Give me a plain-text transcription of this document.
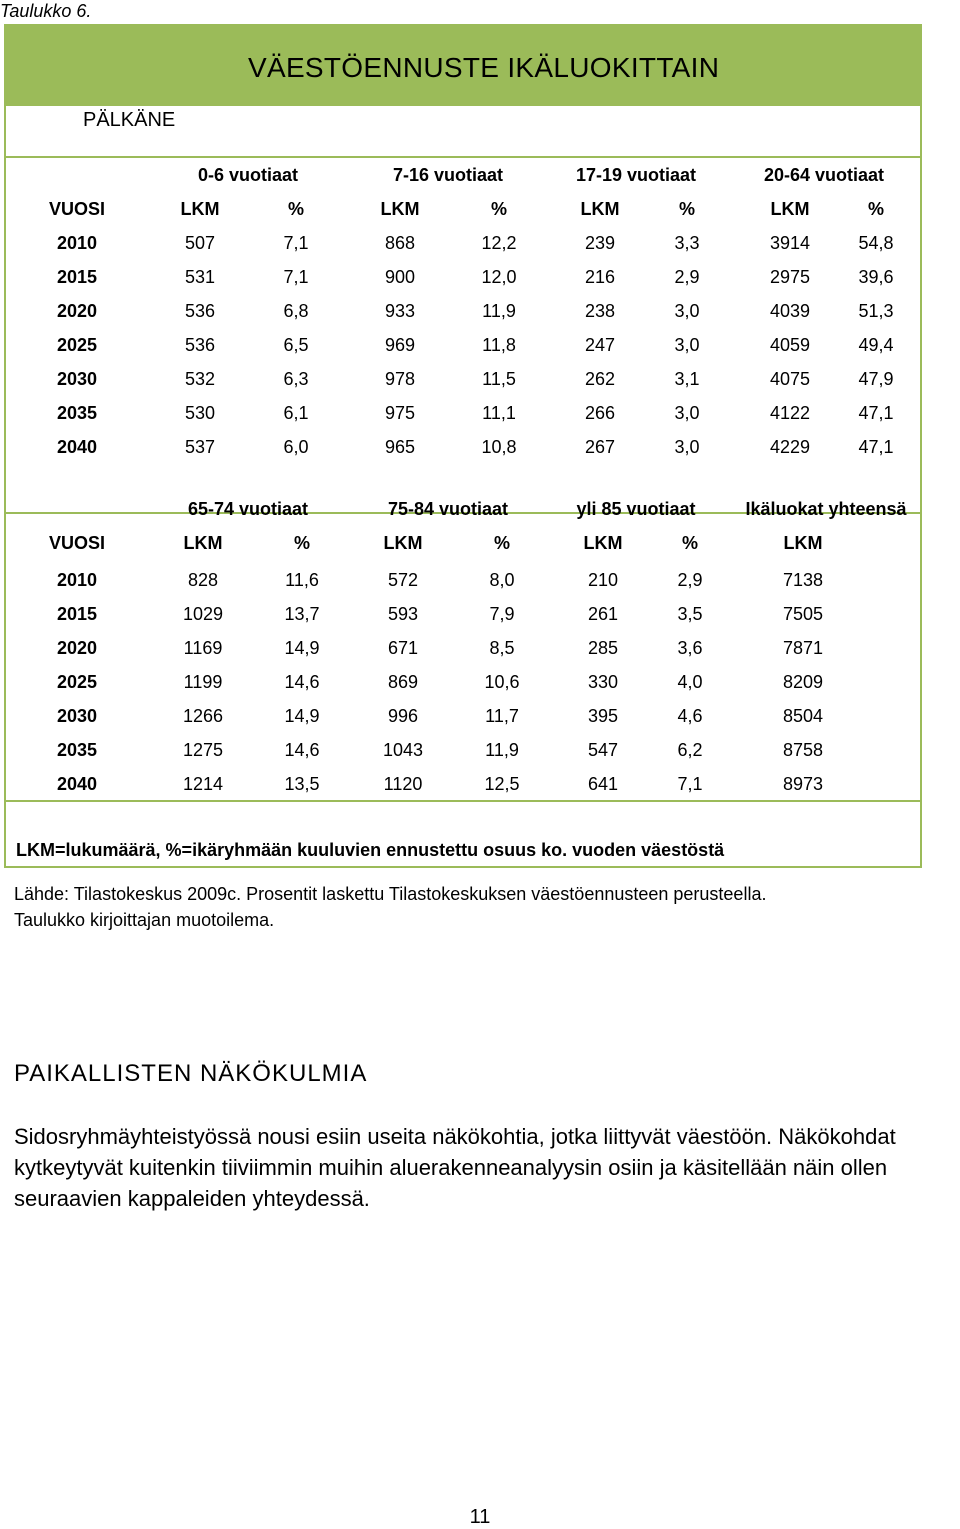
Taulukko 6.
VÄESTÖENNUSTE IKÄLUOKITTAIN
PÄLKÄNE
LKM=lukumäärä, %=ikäryhmään kuuluvien ennustettu osuus ko. vuoden väestöstä
0-6 vuotiaat	7-16 vuotiaat	17-19 vuotiaat	20-64 vuotiaat
VUOSI	LKM	%	LKM	%	LKM	%	LKM	%
2010	507	7,1	868	12,2	239	3,3	3914	54,8
2015	531	7,1	900	12,0	216	2,9	2975	39,6
2020	536	6,8	933	11,9	238	3,0	4039	51,3
2025	536	6,5	969	11,8	247	3,0	4059	49,4
2030	532	6,3	978	11,5	262	3,1	4075	47,9
2035	530	6,1	975	11,1	266	3,0	4122	47,1
2040	537	6,0	965	10,8	267	3,0	4229	47,1
65-74 vuotiaat	75-84 vuotiaat	yli 85 vuotiaat	Ikäluokat yhteensä
VUOSI	LKM	%	LKM	%	LKM	%	LKM
2010	828	11,6	572	8,0	210	2,9	7138
2015	1029	13,7	593	7,9	261	3,5	7505
2020	1169	14,9	671	8,5	285	3,6	7871
2025	1199	14,6	869	10,6	330	4,0	8209
2030	1266	14,9	996	11,7	395	4,6	8504
2035	1275	14,6	1043	11,9	547	6,2	8758
2040	1214	13,5	1120	12,5	641	7,1	8973
Lähde: Tilastokeskus 2009c. Prosentit laskettu Tilastokeskuksen väestöennusteen perusteella.
Taulukko kirjoittajan muotoilema.
PAIKALLISTEN NÄKÖKULMIA
Sidosryhmäyhteistyössä nousi esiin useita näkökohtia, jotka liittyvät väestöön. Näkökohdat kytkeytyvät kuitenkin tiiviimmin muihin aluerakenneanalyysin osiin ja käsitellään näin ollen seuraavien kappaleiden yhteydessä.
11
